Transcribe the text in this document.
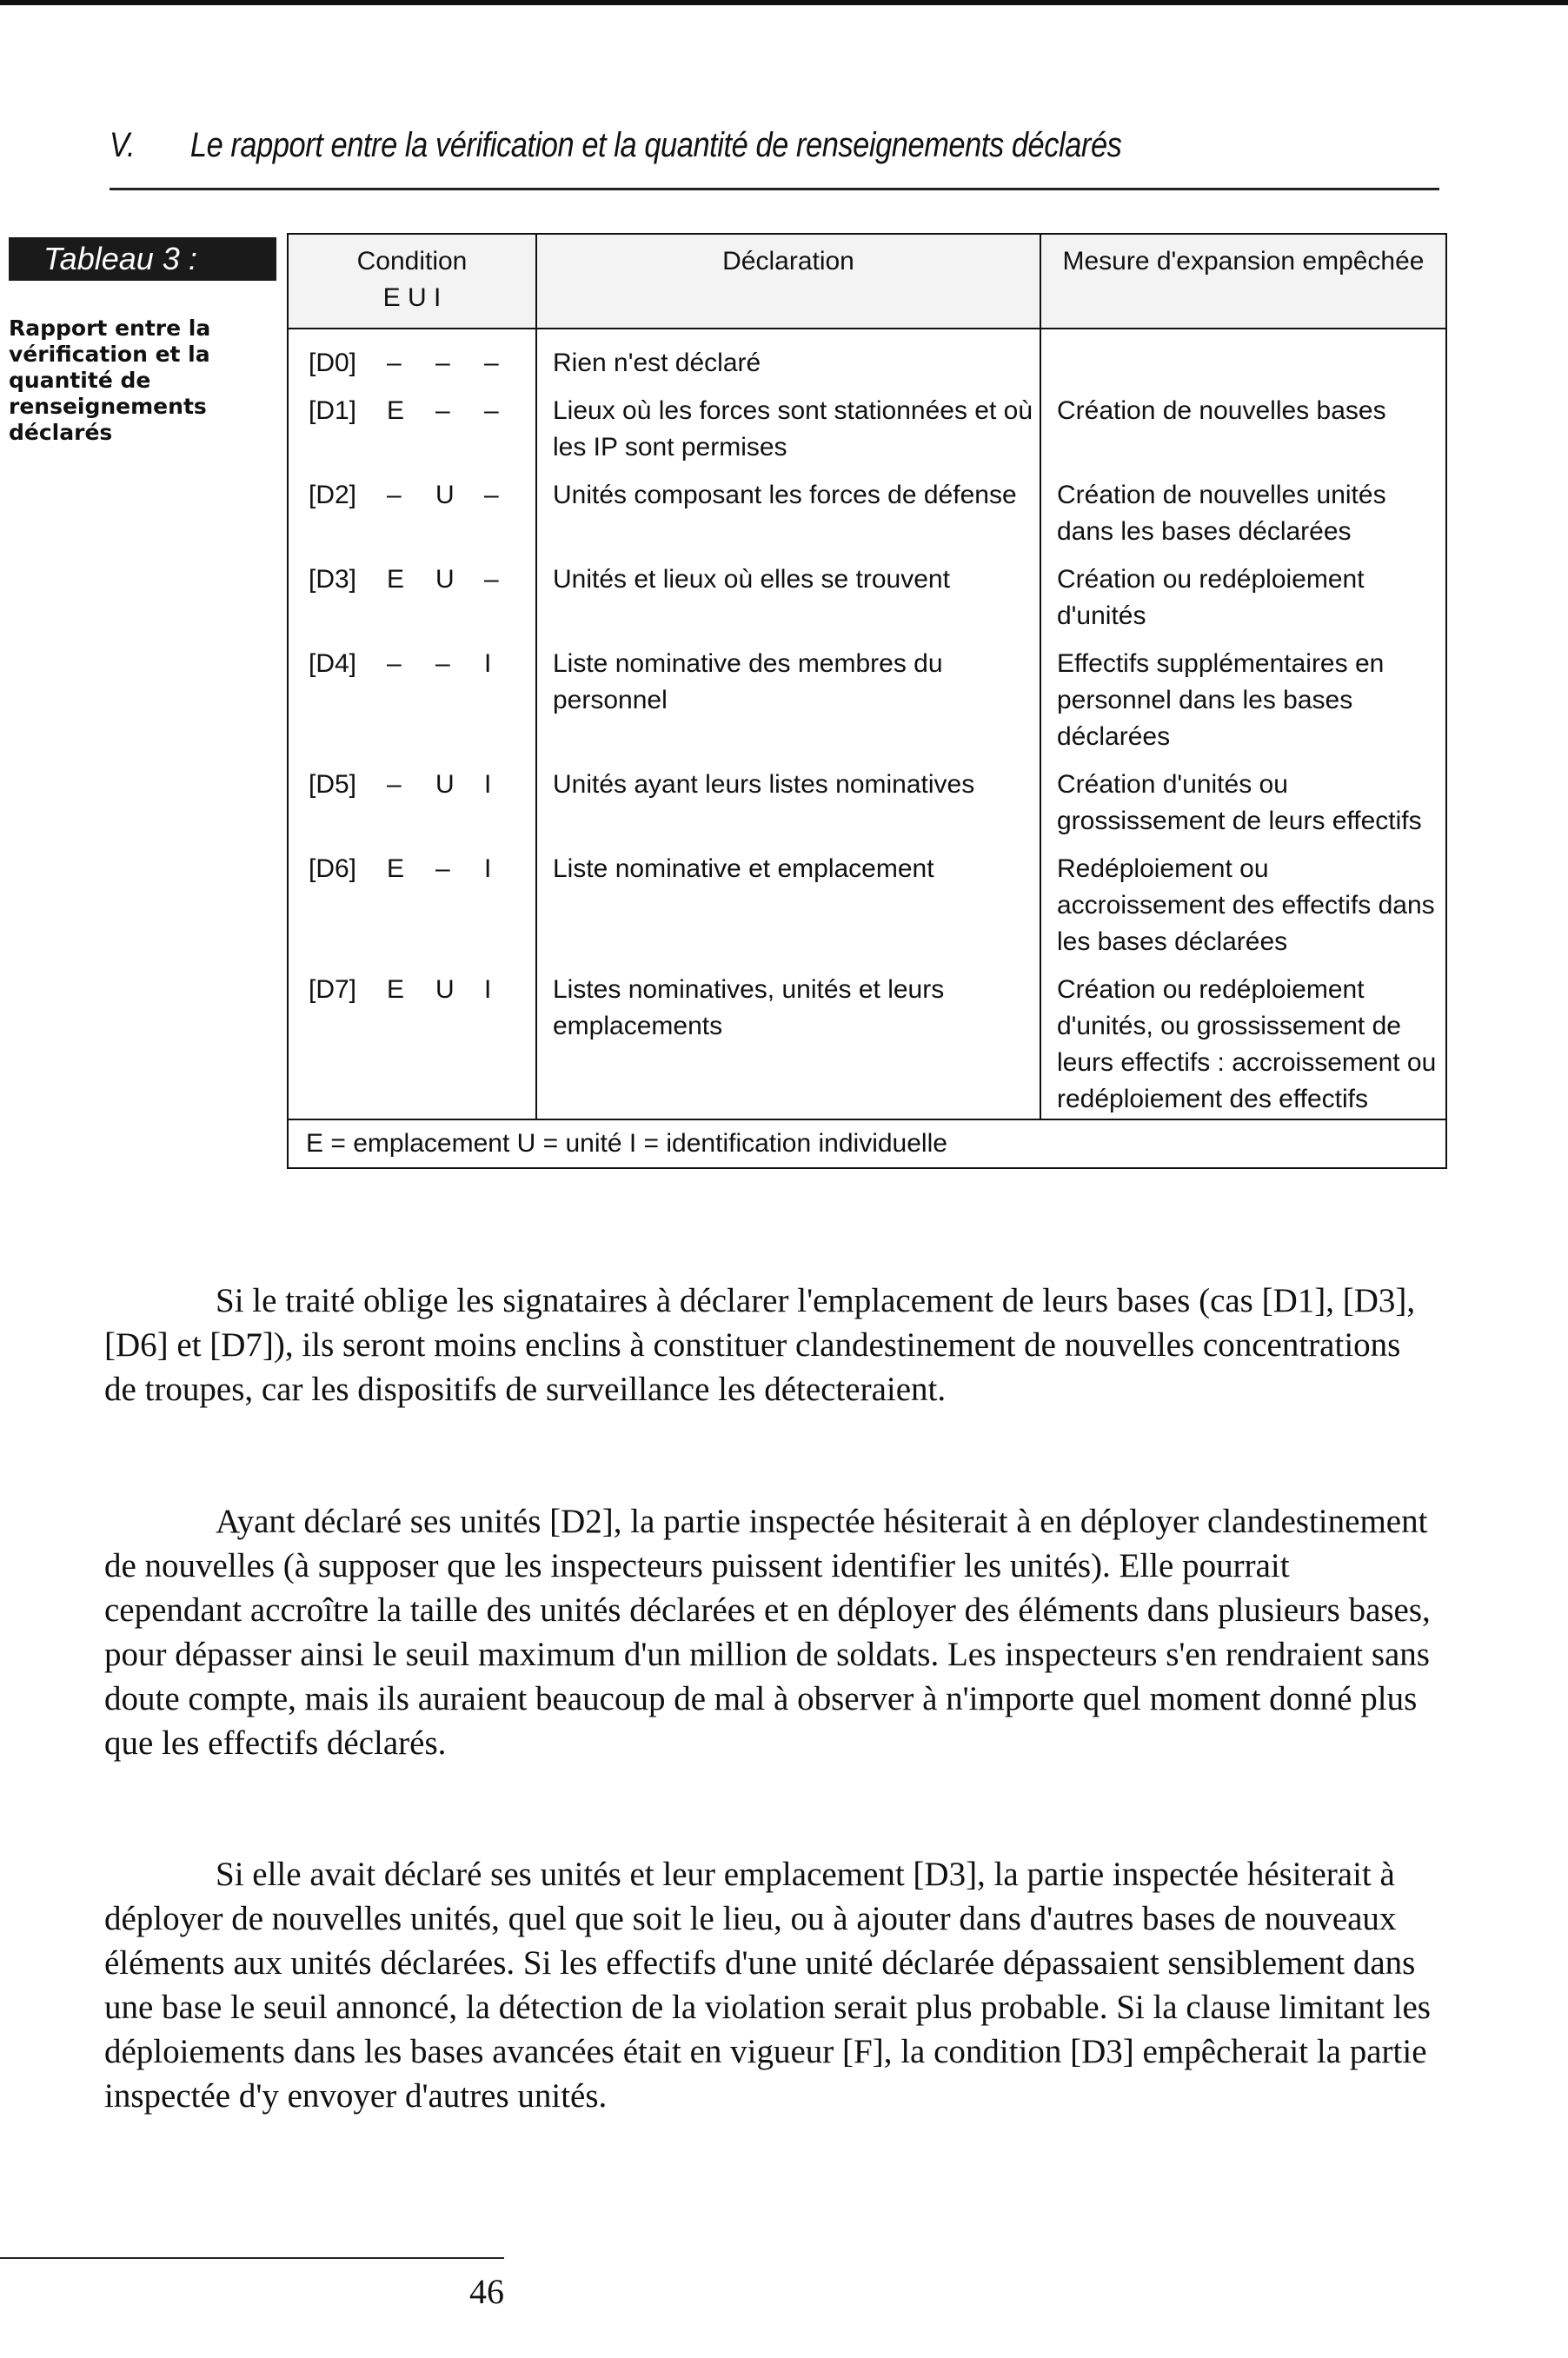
V. Le rapport entre la vérification et la quantité de renseignements déclarés
Tableau 3 :
Rapport entre la
vérification et la
quantité de
renseignements
déclarés
Condition
E U I	Déclaration	Mesure d'expansion empêchée

[D0] – – –	Rien n'est déclaré	

[D1] E – –	Lieux où les forces sont stationnées et où les IP sont permises	Création de nouvelles bases

[D2] – U –	Unités composant les forces de défense	Création de nouvelles unités dans les bases déclarées

[D3] E U –	Unités et lieux où elles se trouvent	Création ou redéploiement d'unités

[D4] – – I	Liste nominative des membres du personnel	Effectifs supplémentaires en personnel dans les bases déclarées

[D5] – U I	Unités ayant leurs listes nominatives	Création d'unités ou grossissement de leurs effectifs

[D6] E – I	Liste nominative et emplacement	Redéploiement ou accroissement des effectifs dans les bases déclarées

[D7] E U I	Listes nominatives, unités et leurs emplacements	Création ou redéploiement d'unités, ou grossissement de leurs effectifs : accroissement ou redéploiement des effectifs
E = emplacement U = unité I = identification individuelle		

Si le traité oblige les signataires à déclarer l'emplacement de leurs bases (cas [D1], [D3], [D6] et [D7]), ils seront moins enclins à constituer clandestinement de nouvelles concentrations de troupes, car les dispositifs de surveillance les détecteraient.

Ayant déclaré ses unités [D2], la partie inspectée hésiterait à en déployer clandestinement de nouvelles (à supposer que les inspecteurs puissent identifier les unités). Elle pourrait cependant accroître la taille des unités déclarées et en déployer des éléments dans plusieurs bases, pour dépasser ainsi le seuil maximum d'un million de soldats. Les inspecteurs s'en rendraient sans doute compte, mais ils auraient beaucoup de mal à observer à n'importe quel moment donné plus que les effectifs déclarés.

Si elle avait déclaré ses unités et leur emplacement [D3], la partie inspectée hésiterait à déployer de nouvelles unités, quel que soit le lieu, ou à ajouter dans d'autres bases de nouveaux éléments aux unités déclarées. Si les effectifs d'une unité déclarée dépassaient sensiblement dans une base le seuil annoncé, la détection de la violation serait plus probable. Si la clause limitant les déploiements dans les bases avancées était en vigueur [F], la condition [D3] empêcherait la partie inspectée d'y envoyer d'autres unités.

46
